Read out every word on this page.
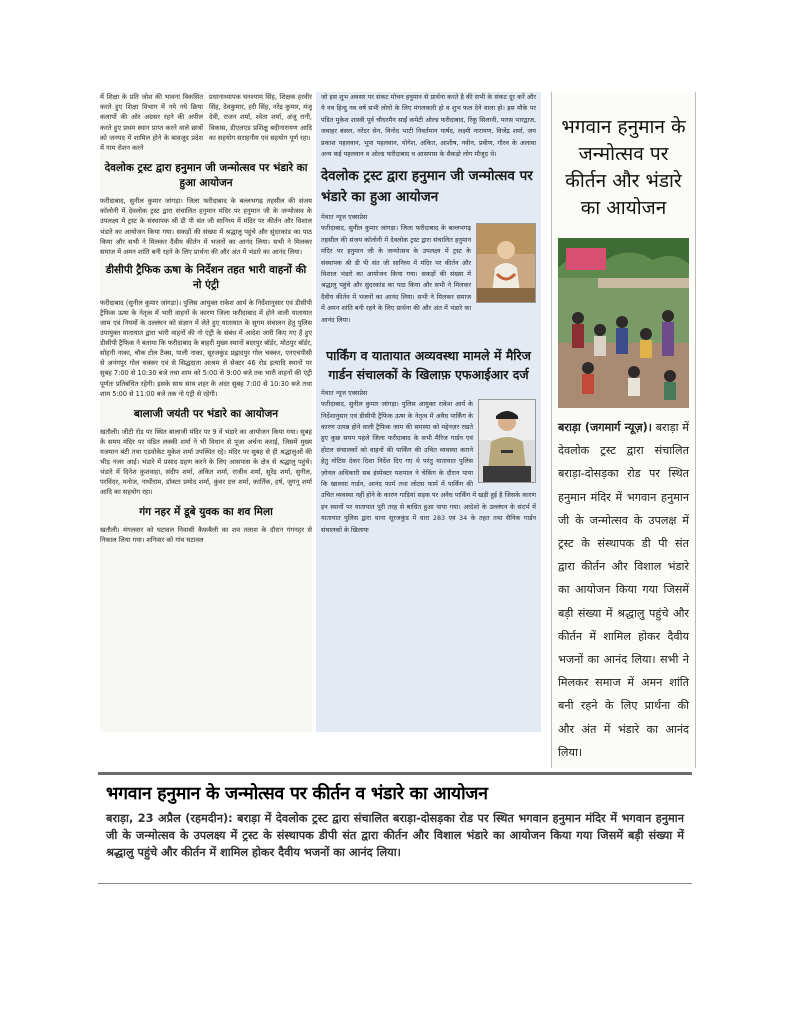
में शिक्षा के प्रति जोश की भावना विकसित करते हुए शिक्षा विभाग में नये नये क्रिया कलापों की ओर अग्रसर रहने की अपील करते हुए प्रथम स्थान प्राप्त करने वाले छात्रों को जनपद में शामिल होने के बावजूद प्रदेश में नाम रोशन करने

प्रधानाध्यापक घनश्याम सिंह, शिक्षक हरवीर सिंह, देवकुमार, हरी सिंह, नरेंद्र कुमार, मंजू देवी, राजन शर्मा, श्वेता शर्मा, अंजू रानी, विकास, डीएलएड प्रशिक्षु बदीनारायण आदि का सहयोग सराहनीय एवं सहयोग पूर्ण रहा।

देवलोक ट्रस्ट द्वारा हनुमान जी जन्मोत्सव पर भंडारे का हुआ आयोजन

फरीदाबाद, सुनील कुमार जांगड़ा। जिला फरीदाबाद के बल्लभगढ़ तहसील की संजय कॉलोनी में देवलोक ट्रस्ट द्वारा संचालित हनुमान मंदिर पर हनुमान जी के जन्मोत्सव के उपलक्ष्य में ट्रस्ट के संस्थापक श्री डी पी संत जी सानिध्य में मंदिर पर कीर्तन और विशाल भंडारे का आयोजन किया गया। सकड़ों की संख्या में श्रद्धालु पहुंचे और सुंदरकांड का पाठ किया और सभी ने मिलकर दैवीय कीर्तन में भजनों का आनंद लिया। सभी ने मिलकर समाज में अमन शांति बनी रहने के लिए प्रार्थना की और अंत में भंडारे का आनंद लिया।

डीसीपी ट्रैफिक ऊषा के निर्देशन तहत भारी वाहनों की नो एंट्री

फरीदाबाद (सुनील कुमार जांगड़ा)। पुलिस आयुक्त राकेश आर्य के निर्देशानुसार एवं डीसीपी ट्रैफिक ऊषा के नेतृत्व में भारी वाहनों के कारण जिला फरीदाबाद में होने वाली यातायात जाम एवं नियमों के उल्लंघन को संज्ञान में लेते हुए यातायात के सुगम संचालन हेतु पुलिस उपायुक्त यातायात द्वारा भारी वाहनों की नो एंट्री के संबंध में आदेश जारी किए गए हैं हुए डीसीपी ट्रैफिक ने बताया कि फरीदाबाद के बाहरी मुख्य स्थानों बदरपुर बॉर्डर, मोठपुर बॉर्डर, सोहनी नाका, चौक टोल टैक्स, पाली नाका, सूरजकुंड प्रह्लादपुर गोल चक्कर, एनएचपीसी से अनंगपुर गोल चक्कर एवं से सिद्धदाता आश्रम से सेक्टर 46 रोड इत्यादि स्थानों पर सुबह 7:00 से 10:30 बजे तथा शाम को 5:00 से 9:00 बजे तक भारी वाहनों की एंट्री पूर्णतः प्रतिबंधित रहेगी। इसके साथ साथ शहर के अंदर सुबह 7:00 से 10:30 बजे तथा शाम 5:00 से 11:00 बजे तक नो एंट्री से रहेगी।

बालाजी जयंती पर भंडारे का आयोजन

खतौली। जीटी रोड पर स्थित बालाजी मंदिर पर 9 वें भंडारे का आयोजन किया गया। सुबह के समय मंदिर पर पंडित लक्की शर्मा ने भी विधान से पूजा अर्चना कराई, जिसमें मुख्य यजमान बंटी तथा एडवोकेट मुकेश शर्मा उपस्थित रहे। मंदिर पर सुबह से ही श्रद्धालुओं की भीड़ नजर आई। भंडारे में प्रसाद ग्रहण करने के लिए आसपास के क्षेत्र से श्रद्धालु पहुंचे। भंडारे में दिनेश कुशवाहा, संदीप शर्मा, अंकित शर्मा, राजीव शर्मा, सुरेंद्र शर्मा, सुनील, परविंदर, मनोज, नाथीराम, डॉक्टर प्रमोद शर्मा, कुंवर दत्त शर्मा, कार्तिक, हर्ष, जुगनू शर्मा आदि का सहयोग रहा।

गंग नहर में डूबे युवक का शव मिला

खतौली। मंगलवार को घटावल निवासी कैफ़बैली का शव तलाश के दौरान गंगनहर से निकाल लिया गया। शनिवार को गांव घटावल

जो इस शुभ अवसर पर संकट मोचन हनुमान से प्रार्थना करते है की सभी के संकट दूर करें और ये नव हिन्दु नव वर्ष सभी लोगो के लिए मंगलकारी हो व शुभ फल देने वाला हो। इस मौके पर पंडित मुकेश शास्त्री पूर्व चौधरमैन साईं कमेटी ओल्ड फरीदाबाद, रिंकू सिलानी, पारस भारद्वाज, जवाहर बंसल, नरेंदर सेन, विनोद भाटी निवर्तमान पार्षद, लक्ष्मी नारायण, विजेंद्र शर्मा, जय प्रकाश पहलवान, भूपा पहलवान, योगेश, अंकित, आशीष, नवीन, प्रवीण, गौरव के अलावा अन्य कई पहलवान व ओल्ड फरीदाबाद व आसपास के सैकड़ो लोग मौजूद थे।

देवलोक ट्रस्ट द्वारा हनुमान जी जन्मोत्सव पर भंडारे का हुआ आयोजन
मेवात न्यूज एक्सप्रेस

फरीदाबाद, सुनील कुमार जांगड़ा। जिला फरीदाबाद के बल्लभगढ़ तहसील की संजय कॉलोनी में देवलोक ट्रस्ट द्वारा संचालित हनुमान मंदिर पर हनुमान जी के जन्मोत्सव के उपलक्ष्य में ट्रस्ट के संस्थापक श्री डी पी संत जी सानिध्य में मंदिर पर कीर्तन और विशाल भंडारे का आयोजन किया गया। सकड़ों की संख्या में श्रद्धालु पहुंचे और सुंदरकांड का पाठ किया और सभी ने मिलकर दैवीय कीर्तन में भजनों का आनंद लिया। सभी ने मिलकर समाज में अमन शांति बनी रहने के लिए प्रार्थना की और अंत में भंडारे का आनंद लिया।

पार्किंग व यातायात अव्यवस्था मामले में मैरिज गार्डन संचालकों के खिलाफ़ एफआईआर दर्ज
मेवात न्यूज एक्सप्रेस

फरीदाबाद, सुनील कुमार जांगड़ा। पुलिस आयुक्त राकेश आर्य के निर्देशानुसार एवं डीसीपी ट्रैफिक ऊषा के नेतृत्व में अवैध पार्किंग के कारण उत्पन्न होने वाली ट्रैफिक जाम की समस्या को मद्देनज़र रखते हुए कुछ समय पहले जिला फरीदाबाद के सभी मैरिज गार्डन एवं होटल संचालकों को वाहनों की पार्किंग की उचित व्यवस्था कराने हेतु नोटिस देकर दिशा निर्देश दिए गए थे परंतु यातायात पुलिस ज़ोनल अधिकारी सब इंस्पेक्टर यशपाल ने चेकिंग के दौरान पाया कि खालसा गार्डन, आनंद फार्म तथा लोटस फार्म में पार्किंग की उचित व्यवस्था नहीं होने के कारण गाड़ियां सड़क पर अवैध पार्किंग में खड़ी हुई है जिसके कारण इन स्थानों पर यातायात पूरी तरह से बाधित हुआ पाया गया। आदेशो के उल्लंघन के संदर्भ में यातायात पुलिस द्वारा थाना सूरजकुंड में धारा 283 एवं 34 के तहत तथा सैनिक गार्डन संचालकों के खिलाफ

भगवान हनुमान के जन्मोत्सव पर कीर्तन और भंडारे का आयोजन

बराड़ा (जगमार्ग न्यूज़)। बराड़ा में देवलोक ट्रस्ट द्वारा संचालित बराड़ा-दोसड़का रोड पर स्थित हनुमान मंदिर में भगवान हनुमान जी के जन्मोत्सव के उपलक्ष में ट्रस्ट के संस्थापक डी पी संत द्वारा कीर्तन और विशाल भंडारे का आयोजन किया गया जिसमें बड़ी संख्या में श्रद्धालु पहुंचे और कीर्तन में शामिल होकर दैवीय भजनों का आनंद लिया। सभी ने मिलकर समाज में अमन शांति बनी रहने के लिए प्रार्थना की और अंत में भंडारे का आनंद लिया।

भगवान हनुमान के जन्मोत्सव पर कीर्तन व भंडारे का आयोजन

बराड़ा, 23 अप्रैल (रहमदीन): बराड़ा में देवलोक ट्रस्ट द्वारा संचालित बराड़ा-दोसड़का रोड पर स्थित भगवान हनुमान मंदिर में भगवान हनुमान जी के जन्मोत्सव के उपलक्ष्य में ट्रस्ट के संस्थापक डीपी संत द्वारा कीर्तन और विशाल भंडारे का आयोजन किया गया जिसमें बड़ी संख्या में श्रद्धालु पहुंचे और कीर्तन में शामिल होकर दैवीय भजनों का आनंद लिया।
